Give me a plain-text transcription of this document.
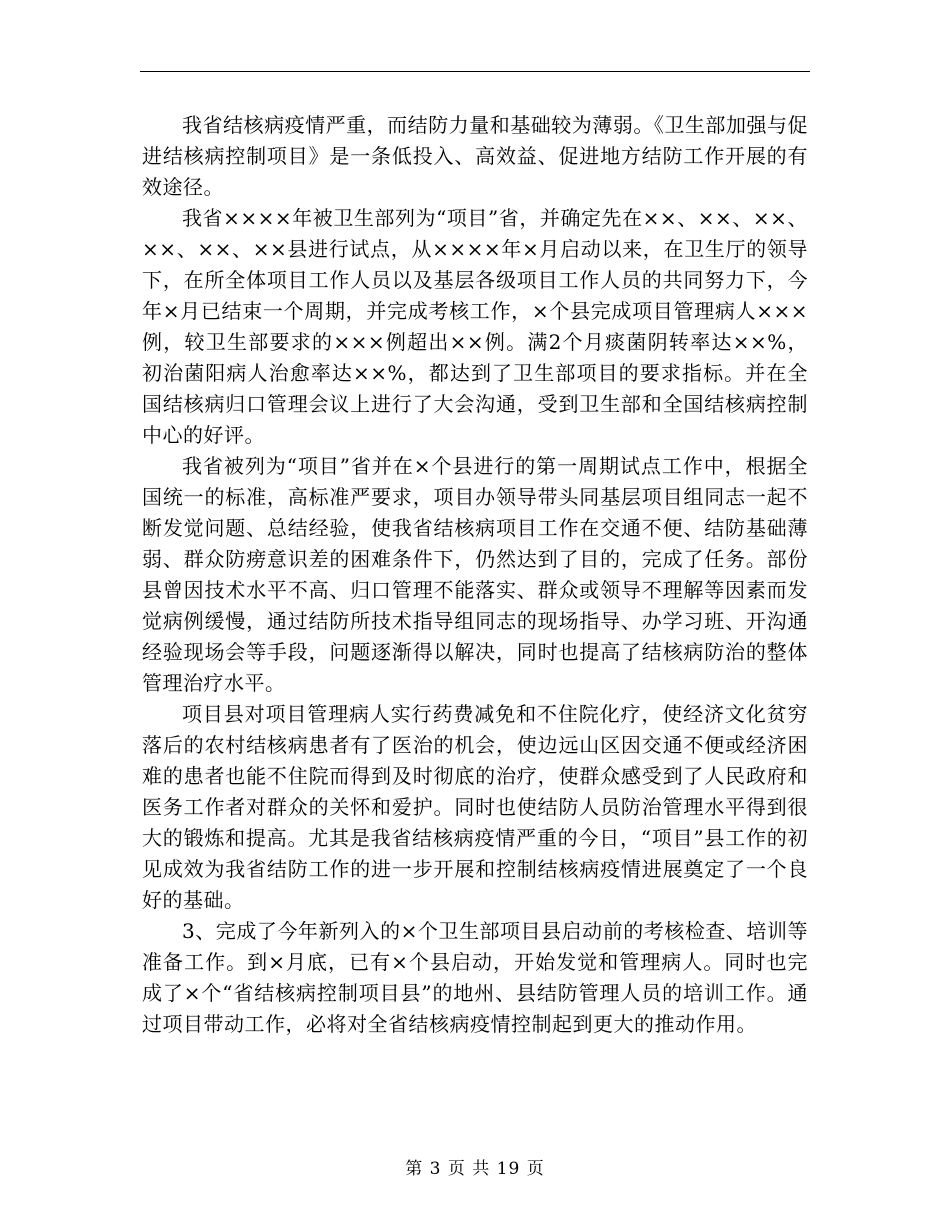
我省结核病疫情严重，而结防力量和基础较为薄弱。《卫生部加强与促进结核病控制项目》是一条低投入、高效益、促进地方结防工作开展的有效途径。

我省××××年被卫生部列为“项目”省，并确定先在××、××、××、××、××、××县进行试点，从××××年×月启动以来，在卫生厅的领导下，在所全体项目工作人员以及基层各级项目工作人员的共同努力下，今年×月已结束一个周期，并完成考核工作，×个县完成项目管理病人×××例，较卫生部要求的×××例超出××例。满2个月痰菌阴转率达××%，初治菌阳病人治愈率达××%，都达到了卫生部项目的要求指标。并在全国结核病归口管理会议上进行了大会沟通，受到卫生部和全国结核病控制中心的好评。

我省被列为“项目”省并在×个县进行的第一周期试点工作中，根据全国统一的标准，高标准严要求，项目办领导带头同基层项目组同志一起不断发觉问题、总结经验，使我省结核病项目工作在交通不便、结防基础薄弱、群众防痨意识差的困难条件下，仍然达到了目的，完成了任务。部份县曾因技术水平不高、归口管理不能落实、群众或领导不理解等因素而发觉病例缓慢，通过结防所技术指导组同志的现场指导、办学习班、开沟通经验现场会等手段，问题逐渐得以解决，同时也提高了结核病防治的整体管理治疗水平。

项目县对项目管理病人实行药费减免和不住院化疗，使经济文化贫穷落后的农村结核病患者有了医治的机会，使边远山区因交通不便或经济困难的患者也能不住院而得到及时彻底的治疗，使群众感受到了人民政府和医务工作者对群众的关怀和爱护。同时也使结防人员防治管理水平得到很大的锻炼和提高。尤其是我省结核病疫情严重的今日，“项目”县工作的初见成效为我省结防工作的进一步开展和控制结核病疫情进展奠定了一个良好的基础。

3、完成了今年新列入的×个卫生部项目县启动前的考核检查、培训等准备工作。到×月底，已有×个县启动，开始发觉和管理病人。同时也完成了×个“省结核病控制项目县”的地州、县结防管理人员的培训工作。通过项目带动工作，必将对全省结核病疫情控制起到更大的推动作用。

第 3 页 共 19 页
